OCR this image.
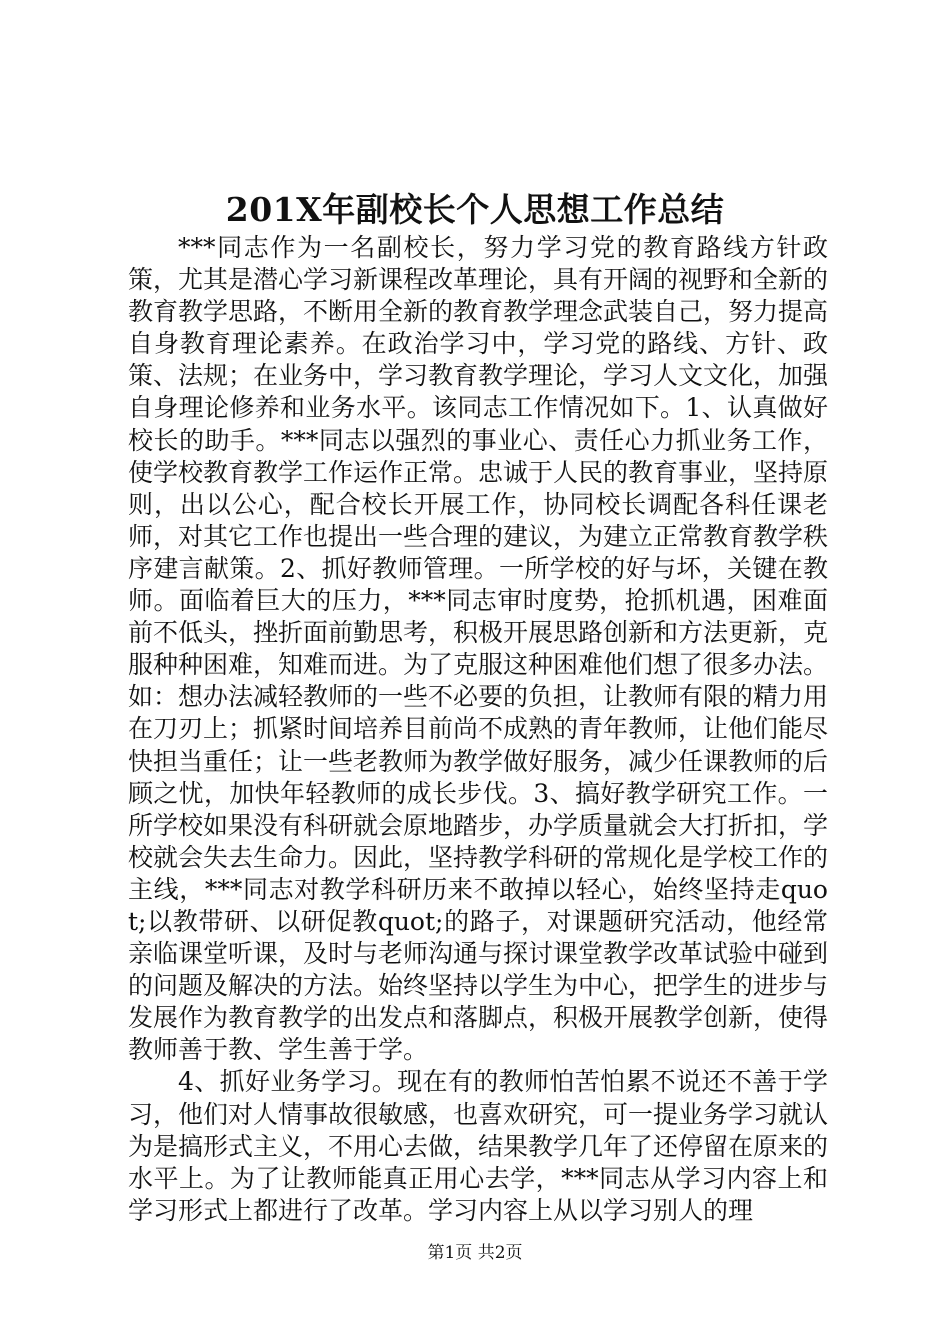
201X年副校长个人思想工作总结

***同志作为一名副校长，努力学习党的教育路线方针政策，尤其是潜心学习新课程改革理论，具有开阔的视野和全新的教育教学思路，不断用全新的教育教学理念武装自己，努力提高自身教育理论素养。在政治学习中，学习党的路线、方针、政策、法规；在业务中，学习教育教学理论，学习人文文化，加强自身理论修养和业务水平。该同志工作情况如下。1、认真做好校长的助手。***同志以强烈的事业心、责任心力抓业务工作，使学校教育教学工作运作正常。忠诚于人民的教育事业，坚持原则，出以公心，配合校长开展工作，协同校长调配各科任课老师，对其它工作也提出一些合理的建议，为建立正常教育教学秩序建言献策。2、抓好教师管理。一所学校的好与坏，关键在教师。面临着巨大的压力，***同志审时度势，抢抓机遇，困难面前不低头，挫折面前勤思考，积极开展思路创新和方法更新，克服种种困难，知难而进。为了克服这种困难他们想了很多办法。如：想办法减轻教师的一些不必要的负担，让教师有限的精力用在刀刃上；抓紧时间培养目前尚不成熟的青年教师，让他们能尽快担当重任；让一些老教师为教学做好服务，减少任课教师的后顾之忧，加快年轻教师的成长步伐。3、搞好教学研究工作。一所学校如果没有科研就会原地踏步，办学质量就会大打折扣，学校就会失去生命力。因此，坚持教学科研的常规化是学校工作的主线，***同志对教学科研历来不敢掉以轻心，始终坚持走quot;以教带研、以研促教quot;的路子，对课题研究活动，他经常亲临课堂听课，及时与老师沟通与探讨课堂教学改革试验中碰到的问题及解决的方法。始终坚持以学生为中心，把学生的进步与发展作为教育教学的出发点和落脚点，积极开展教学创新，使得教师善于教、学生善于学。

4、抓好业务学习。现在有的教师怕苦怕累不说还不善于学习，他们对人情事故很敏感，也喜欢研究，可一提业务学习就认为是搞形式主义，不用心去做，结果教学几年了还停留在原来的水平上。为了让教师能真正用心去学，***同志从学习内容上和学习形式上都进行了改革。学习内容上从以学习别人的理

第1页 共2页
